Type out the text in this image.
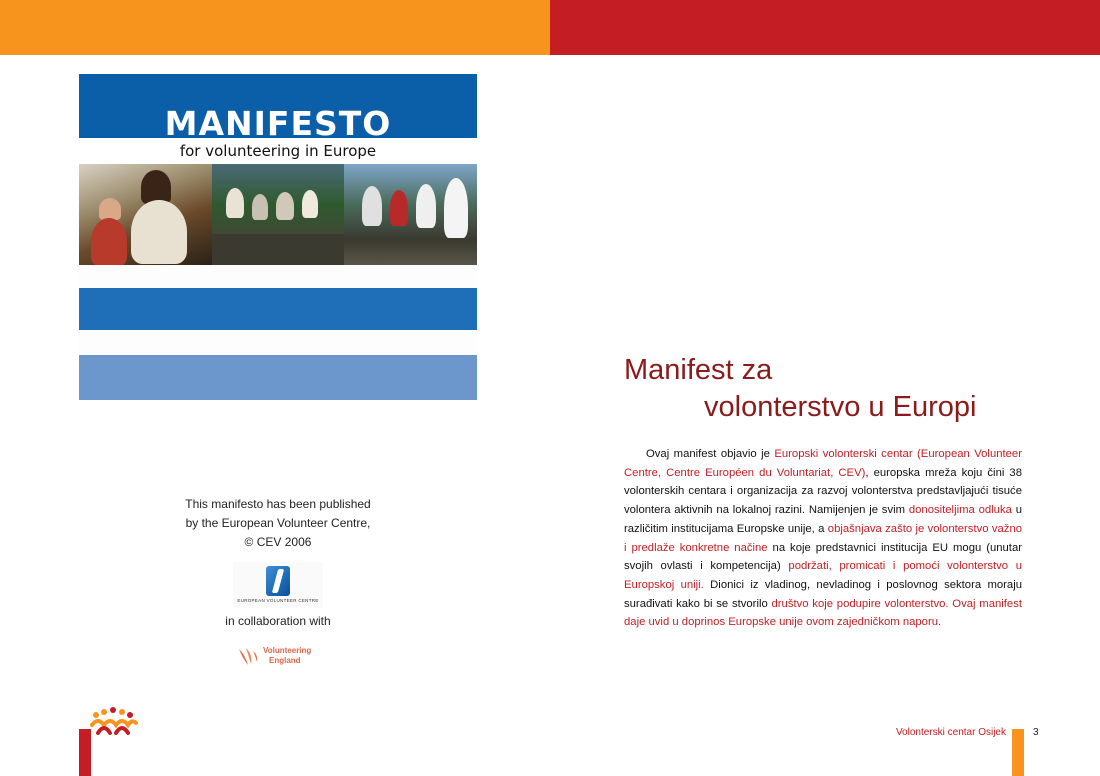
MANIFESTO
for volunteering in Europe
This manifesto has been published
by the European Volunteer Centre,
© CEV 2006
EUROPEAN VOLUNTEER CENTRE
in collaboration with
Volunteering
England
Manifest za
volonterstvo u Europi
Ovaj manifest objavio je Europski volonterski centar (European Volunteer Centre, Centre Européen du Voluntariat, CEV), europska mreža koju čini 38 volonterskih centara i organizacija za razvoj volonterstva predstavljajući tisuće volontera aktivnih na lokalnoj razini. Namijenjen je svim donositeljima odluka u različitim institucijama Europske unije, a objašnjava zašto je volonterstvo važno i predlaže konkretne načine na koje predstavnici institucija EU mogu (unutar svojih ovlasti i kompetencija) podržati, promicati i pomoći volonterstvo u Europskoj uniji. Dionici iz vladinog, nevladinog i poslovnog sektora moraju surađivati kako bi se stvorilo društvo koje podupire volonterstvo. Ovaj manifest daje uvid u doprinos Europske unije ovom zajedničkom naporu.
Volonterski centar Osijek	3
